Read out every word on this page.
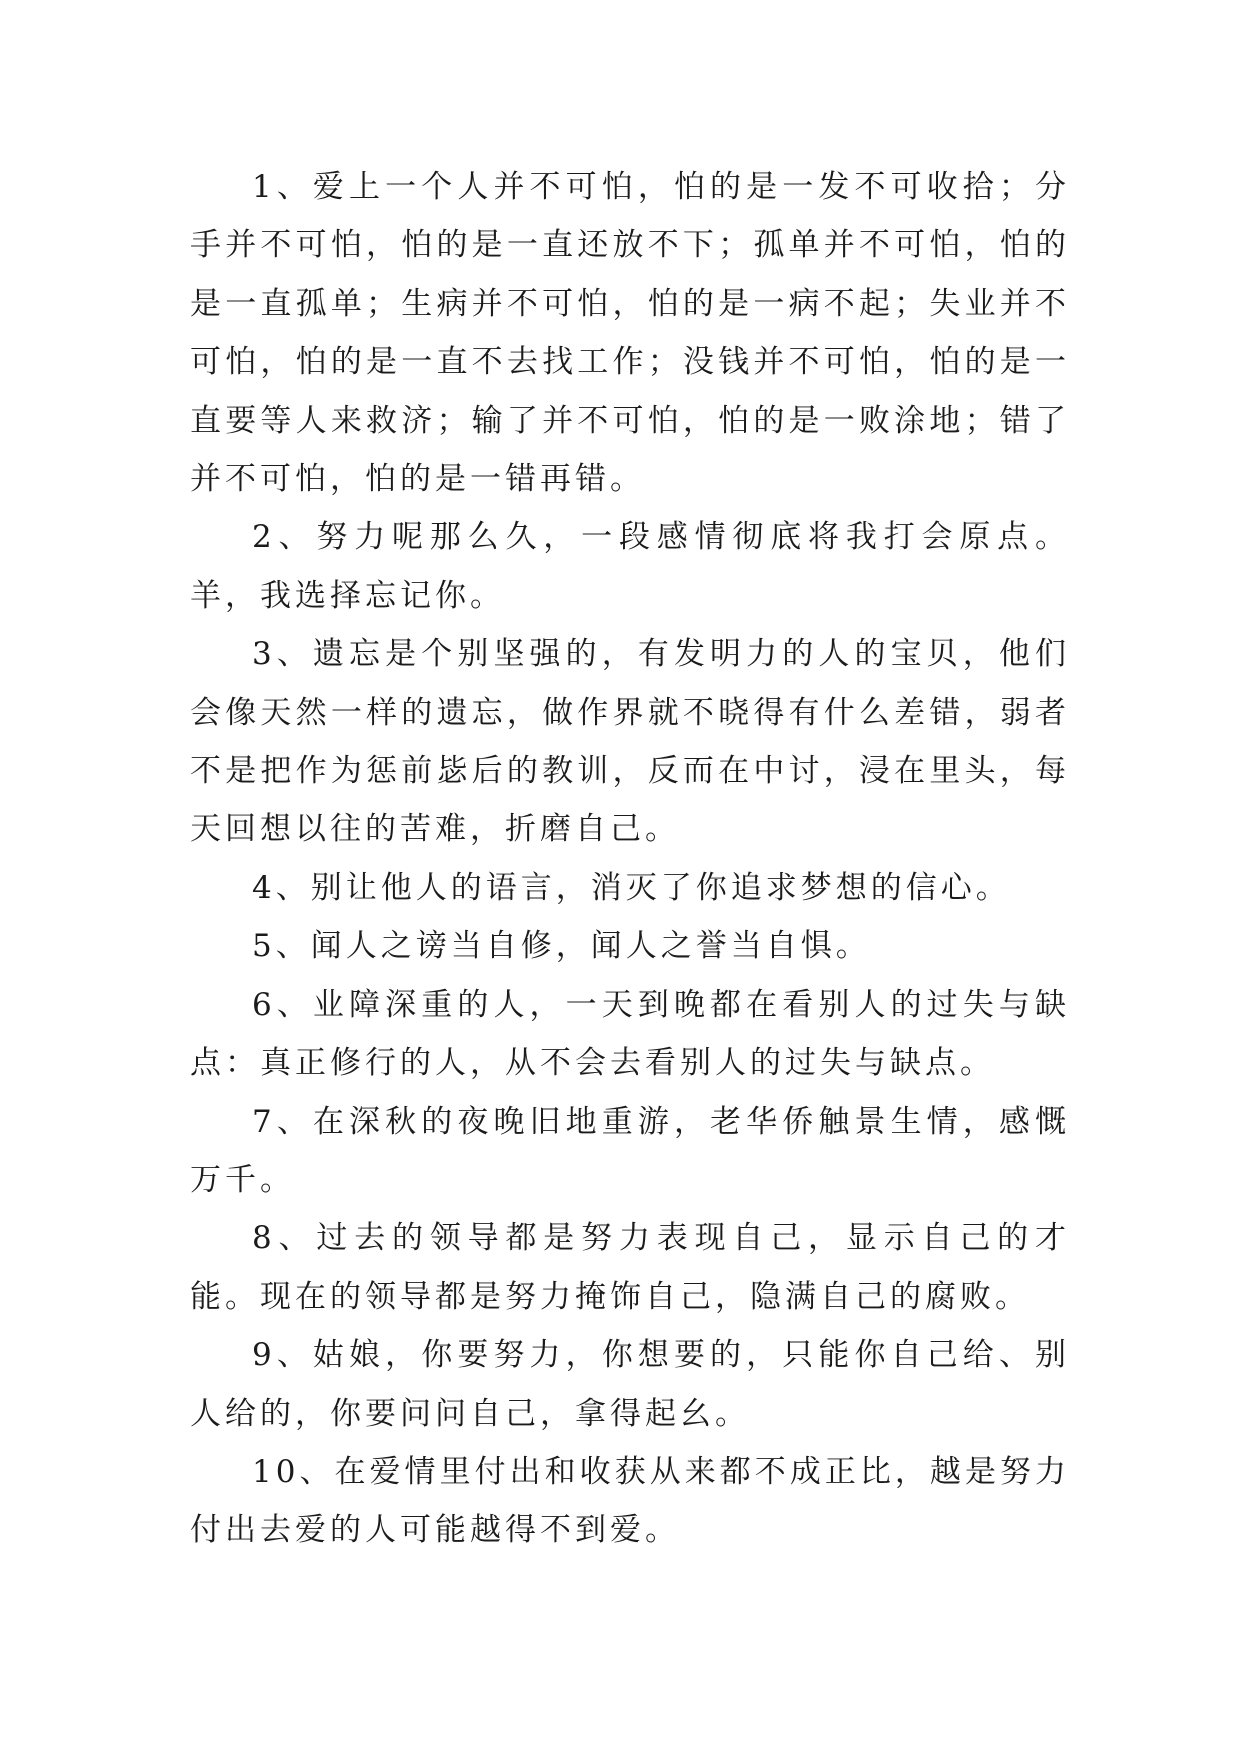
1、爱上一个人并不可怕，怕的是一发不可收拾；分手并不可怕，怕的是一直还放不下；孤单并不可怕，怕的是一直孤单；生病并不可怕，怕的是一病不起；失业并不可怕，怕的是一直不去找工作；没钱并不可怕，怕的是一直要等人来救济；输了并不可怕，怕的是一败涂地；错了并不可怕，怕的是一错再错。

2、努力呢那么久，一段感情彻底将我打会原点。羊，我选择忘记你。

3、遗忘是个别坚强的，有发明力的人的宝贝，他们会像天然一样的遗忘，做作界就不晓得有什么差错，弱者不是把作为惩前毖后的教训，反而在中讨，浸在里头，每天回想以往的苦难，折磨自己。

4、别让他人的语言，消灭了你追求梦想的信心。

5、闻人之谤当自修，闻人之誉当自惧。

6、业障深重的人，一天到晚都在看别人的过失与缺点：真正修行的人，从不会去看别人的过失与缺点。

7、在深秋的夜晚旧地重游，老华侨触景生情，感慨万千。

8、过去的领导都是努力表现自己，显示自己的才能。现在的领导都是努力掩饰自己，隐满自己的腐败。

9、姑娘，你要努力，你想要的，只能你自己给、别人给的，你要问问自己，拿得起幺。

10、在爱情里付出和收获从来都不成正比，越是努力付出去爱的人可能越得不到爱。
